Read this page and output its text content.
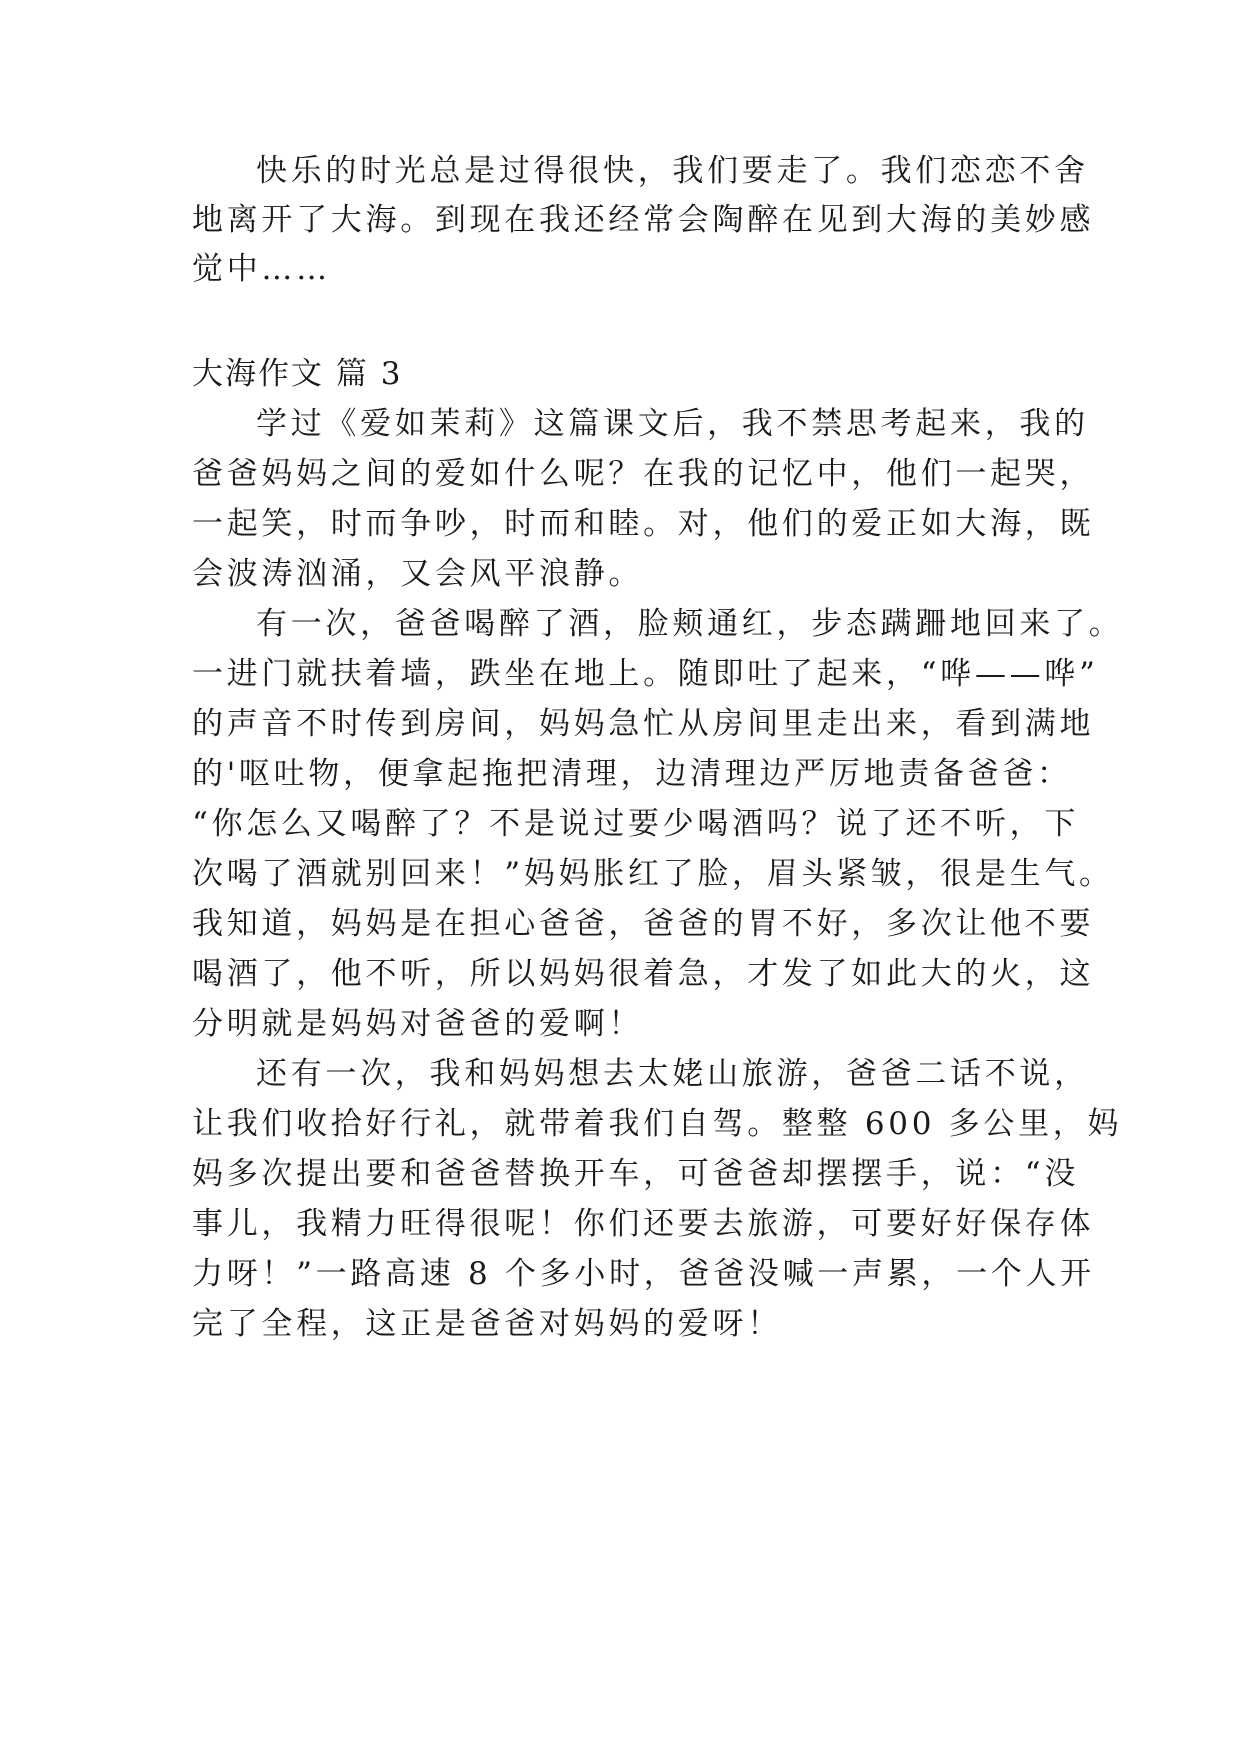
快乐的时光总是过得很快，我们要走了。我们恋恋不舍
地离开了大海。到现在我还经常会陶醉在见到大海的美妙感
觉中……
大海作文 篇 3
学过《爱如茉莉》这篇课文后，我不禁思考起来，我的
爸爸妈妈之间的爱如什么呢？在我的记忆中，他们一起哭，
一起笑，时而争吵，时而和睦。对，他们的爱正如大海，既
会波涛汹涌，又会风平浪静。
有一次，爸爸喝醉了酒，脸颊通红，步态蹒跚地回来了。
一进门就扶着墙，跌坐在地上。随即吐了起来，“哗——哗”
的声音不时传到房间，妈妈急忙从房间里走出来，看到满地
的'呕吐物，便拿起拖把清理，边清理边严厉地责备爸爸：
“你怎么又喝醉了？不是说过要少喝酒吗？说了还不听，下
次喝了酒就别回来！”妈妈胀红了脸，眉头紧皱，很是生气。
我知道，妈妈是在担心爸爸，爸爸的胃不好，多次让他不要
喝酒了，他不听，所以妈妈很着急，才发了如此大的火，这
分明就是妈妈对爸爸的爱啊！
还有一次，我和妈妈想去太姥山旅游，爸爸二话不说，
让我们收拾好行礼，就带着我们自驾。整整 600 多公里，妈
妈多次提出要和爸爸替换开车，可爸爸却摆摆手，说：“没
事儿，我精力旺得很呢！你们还要去旅游，可要好好保存体
力呀！”一路高速 8 个多小时，爸爸没喊一声累，一个人开
完了全程，这正是爸爸对妈妈的爱呀！
